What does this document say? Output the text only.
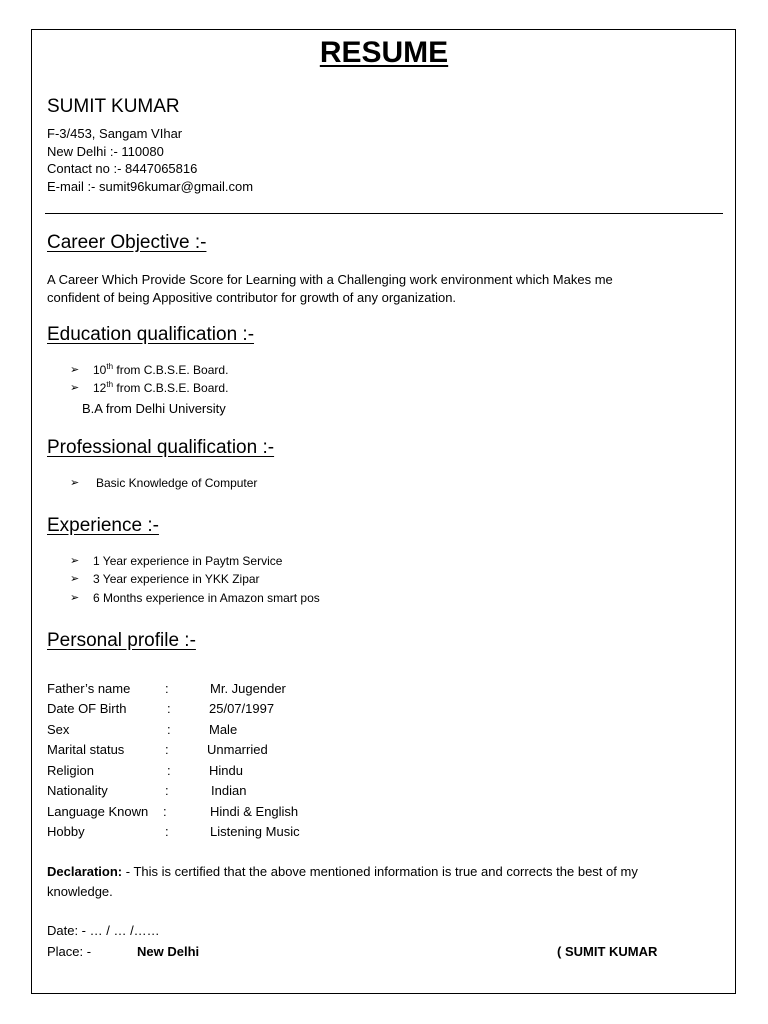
RESUME
SUMIT KUMAR
F-3/453, Sangam VIhar
New Delhi :- 110080
Contact no :- 8447065816
E-mail :- sumit96kumar@gmail.com
Career Objective :-
A Career Which Provide Score for Learning with a Challenging work environment which Makes me
confident of being Appositive contributor for growth of any organization.
Education qualification :-
➢ 10th from C.B.S.E. Board.
➢ 12th from C.B.S.E. Board.
B.A from Delhi University
Professional qualification :-
➢ Basic Knowledge of Computer
Experience :-
➢ 1 Year experience in Paytm Service
➢ 3 Year experience in YKK Zipar
➢ 6 Months experience in Amazon smart pos
Personal profile :-
Father’s name	:	Mr. Jugender
Date OF Birth	:	25/07/1997
Sex	:	Male
Marital status	:	Unmarried
Religion	:	Hindu
Nationality	:	Indian
Language Known :	Hindi & English
Hobby	:	Listening Music
Declaration: - This is certified that the above mentioned information is true and corrects the best of my
knowledge.
Date: - … / … /……
Place: -	New Delhi	( SUMIT KUMAR
